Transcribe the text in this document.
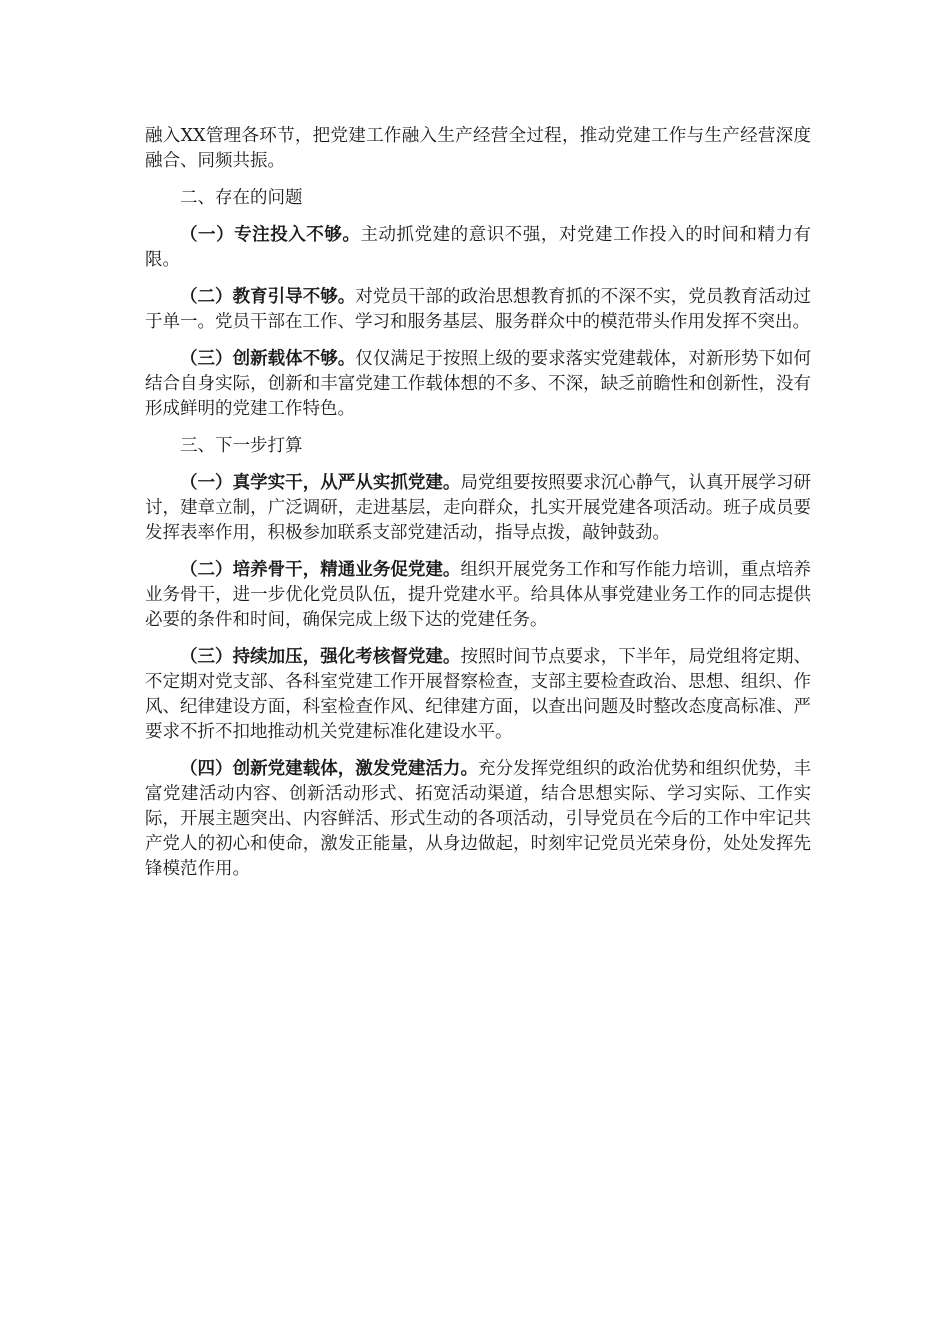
融入XX管理各环节，把党建工作融入生产经营全过程，推动党建工作与生产经营深度融合、同频共振。

二、存在的问题

（一）专注投入不够。主动抓党建的意识不强，对党建工作投入的时间和精力有限。

（二）教育引导不够。对党员干部的政治思想教育抓的不深不实，党员教育活动过于单一。党员干部在工作、学习和服务基层、服务群众中的模范带头作用发挥不突出。

（三）创新载体不够。仅仅满足于按照上级的要求落实党建载体，对新形势下如何结合自身实际，创新和丰富党建工作载体想的不多、不深，缺乏前瞻性和创新性，没有形成鲜明的党建工作特色。

三、下一步打算

（一）真学实干，从严从实抓党建。局党组要按照要求沉心静气，认真开展学习研讨，建章立制，广泛调研，走进基层，走向群众，扎实开展党建各项活动。班子成员要发挥表率作用，积极参加联系支部党建活动，指导点拨，敲钟鼓劲。

（二）培养骨干，精通业务促党建。组织开展党务工作和写作能力培训，重点培养业务骨干，进一步优化党员队伍，提升党建水平。给具体从事党建业务工作的同志提供必要的条件和时间，确保完成上级下达的党建任务。

（三）持续加压，强化考核督党建。按照时间节点要求，下半年，局党组将定期、不定期对党支部、各科室党建工作开展督察检查，支部主要检查政治、思想、组织、作风、纪律建设方面，科室检查作风、纪律建方面，以查出问题及时整改态度高标准、严要求不折不扣地推动机关党建标准化建设水平。

（四）创新党建载体，激发党建活力。充分发挥党组织的政治优势和组织优势，丰富党建活动内容、创新活动形式、拓宽活动渠道，结合思想实际、学习实际、工作实际，开展主题突出、内容鲜活、形式生动的各项活动，引导党员在今后的工作中牢记共产党人的初心和使命，激发正能量，从身边做起，时刻牢记党员光荣身份，处处发挥先锋模范作用。
